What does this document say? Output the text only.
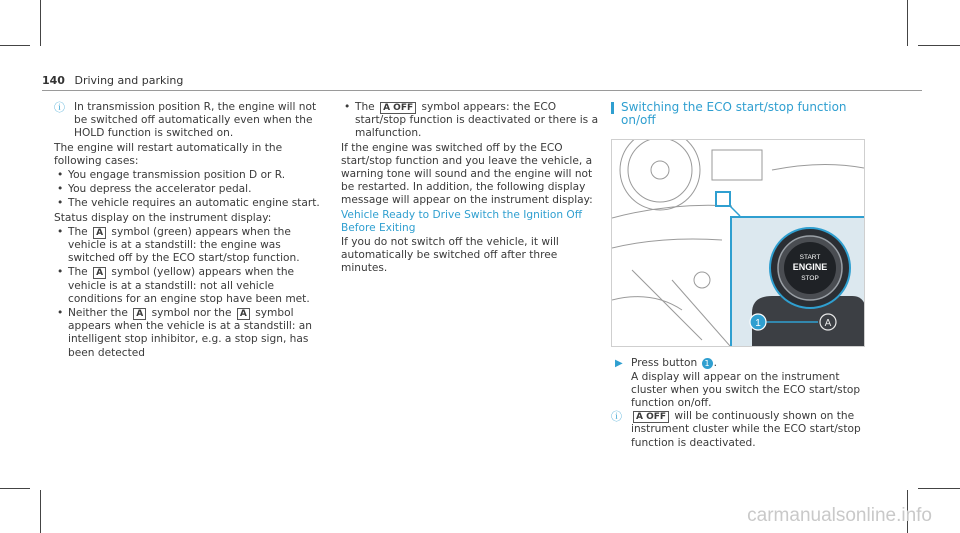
140 Driving and parking

ⓘ In transmission position R, the engine will not be switched off automatically even when the HOLD function is switched on.

The engine will restart automatically in the following cases:

• You engage transmission position D or R.

• You depress the accelerator pedal.

• The vehicle requires an automatic engine start.

Status display on the instrument display:

• The A symbol (green) appears when the vehicle is at a standstill: the engine was switched off by the ECO start/stop function.

• The A symbol (yellow) appears when the vehicle is at a standstill: not all vehicle conditions for an engine stop have been met.

• Neither the A symbol nor the A symbol appears when the vehicle is at a standstill: an intelligent stop inhibitor, e.g. a stop sign, has been detected

• The A OFF symbol appears: the ECO start/stop function is deactivated or there is a malfunction.

If the engine was switched off by the ECO start/stop function and you leave the vehicle, a warning tone will sound and the engine will not be restarted. In addition, the following display message will appear on the instrument display:

Vehicle Ready to Drive Switch the Ignition Off Before Exiting

If you do not switch off the vehicle, it will automatically be switched off after three minutes.

Switching the ECO start/stop function on/off

START
ENGINE
STOP
A
1

▶ Press button 1 .
A display will appear on the instrument cluster when you switch the ECO start/stop function on/off.

ⓘ A OFF will be continuously shown on the instrument cluster while the ECO start/stop function is deactivated.

carmanualsonline.info
